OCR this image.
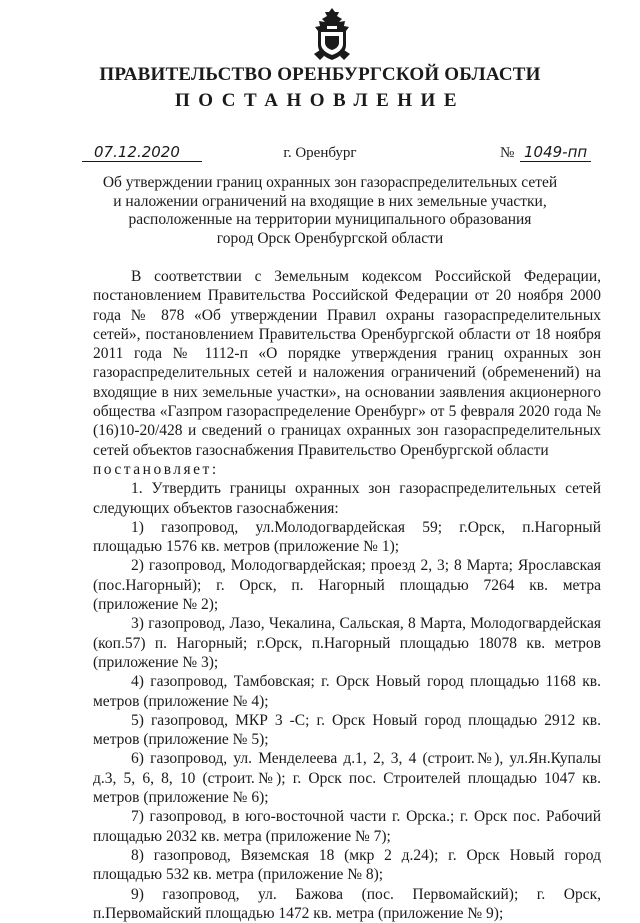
ПРАВИТЕЛЬСТВО ОРЕНБУРГСКОЙ ОБЛАСТИ
ПОСТАНОВЛЕНИЕ
07.12.2020	г. Оренбург	№ 1049-пп
Об утверждении границ охранных зон газораспределительных сетей
и наложении ограничений на входящие в них земельные участки,
расположенные на территории муниципального образования
город Орск Оренбургской области
В соответствии с Земельным кодексом Российской Федерации, постановлением Правительства Российской Федерации от 20 ноября 2000 года № 878 «Об утверждении Правил охраны газораспределительных сетей», постановлением Правительства Оренбургской области от 18 ноября 2011 года № 1112-п «О порядке утверждения границ охранных зон газораспределительных сетей и наложения ограничений (обременений) на входящие в них земельные участки», на основании заявления акционерного общества «Газпром газораспределение Оренбург» от 5 февраля 2020 года № (16)10-20/428 и сведений о границах охранных зон газораспределительных сетей объектов газоснабжения Правительство Оренбургской области
постановляет:
1. Утвердить границы охранных зон газораспределительных сетей следующих объектов газоснабжения:
1) газопровод, ул.Молодогвардейская 59; г.Орск, п.Нагорный площадью 1576 кв. метров (приложение № 1);
2) газопровод, Молодогвардейская; проезд 2, 3; 8 Марта; Ярославская (пос.Нагорный); г. Орск, п. Нагорный площадью 7264 кв. метра (приложение № 2);
3) газопровод, Лазо, Чекалина, Сальская, 8 Марта, Молодогвардейская (коп.57) п. Нагорный; г.Орск, п.Нагорный площадью 18078 кв. метров (приложение № 3);
4) газопровод, Тамбовская; г. Орск Новый город площадью 1168 кв. метров (приложение № 4);
5) газопровод, МКР 3 -С; г. Орск Новый город площадью 2912 кв. метров (приложение № 5);
6) газопровод, ул. Менделеева д.1, 2, 3, 4 (строит.№), ул.Ян.Купалы д.3, 5, 6, 8, 10 (строит.№); г. Орск пос. Строителей площадью 1047 кв. метров (приложение № 6);
7) газопровод, в юго-восточной части г. Орска.; г. Орск пос. Рабочий площадью 2032 кв. метра (приложение № 7);
8) газопровод, Вяземская 18 (мкр 2 д.24); г. Орск Новый город площадью 532 кв. метра (приложение № 8);
9) газопровод, ул. Бажова (пос. Первомайский); г. Орск, п.Первомайский площадью 1472 кв. метра (приложение № 9);
